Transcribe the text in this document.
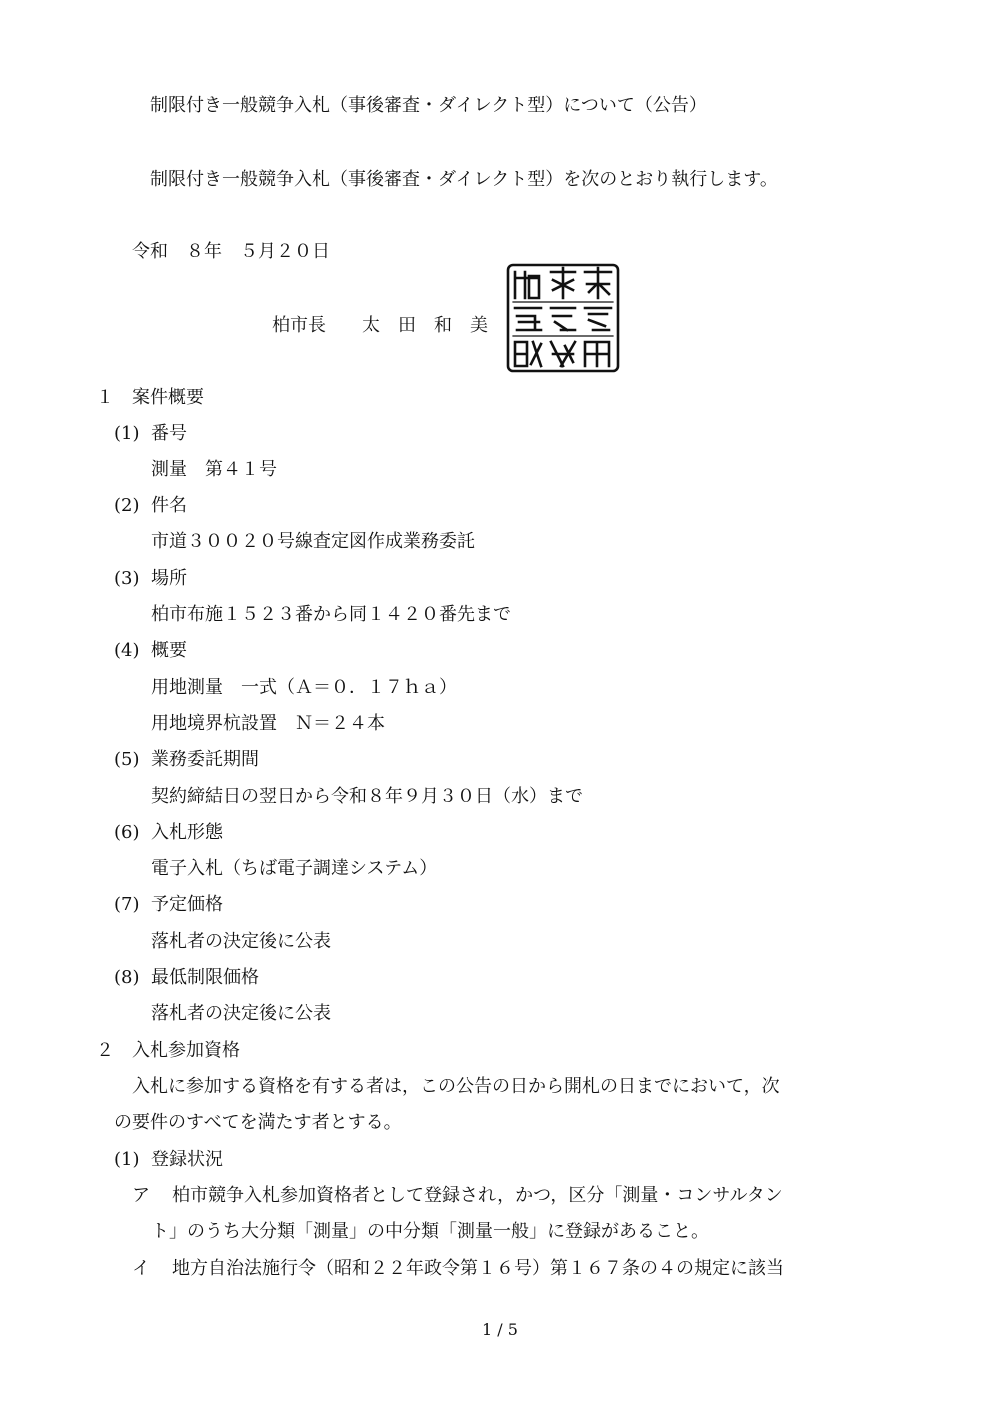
制限付き一般競争入札（事後審査・ダイレクト型）について（公告）
制限付き一般競争入札（事後審査・ダイレクト型）を次のとおり執行します。
令和　８年　５月２０日
柏市長　　太　田　和　美
１　案件概要
(1) 番号
測量　第４１号
(2) 件名
市道３００２０号線査定図作成業務委託
(3) 場所
柏市布施１５２３番から同１４２０番先まで
(4) 概要
用地測量　一式（Ａ＝０．１７ｈａ）
用地境界杭設置　Ｎ＝２４本
(5) 業務委託期間
契約締結日の翌日から令和８年９月３０日（水）まで
(6) 入札形態
電子入札（ちば電子調達システム）
(7) 予定価格
落札者の決定後に公表
(8) 最低制限価格
落札者の決定後に公表
２　入札参加資格
入札に参加する資格を有する者は，この公告の日から開札の日までにおいて，次
の要件のすべてを満たす者とする。
(1) 登録状況
ア 柏市競争入札参加資格者として登録され，かつ，区分「測量・コンサルタン
ト」のうち大分類「測量」の中分類「測量一般」に登録があること。
イ 地方自治法施行令（昭和２２年政令第１６号）第１６７条の４の規定に該当
1 / 5
